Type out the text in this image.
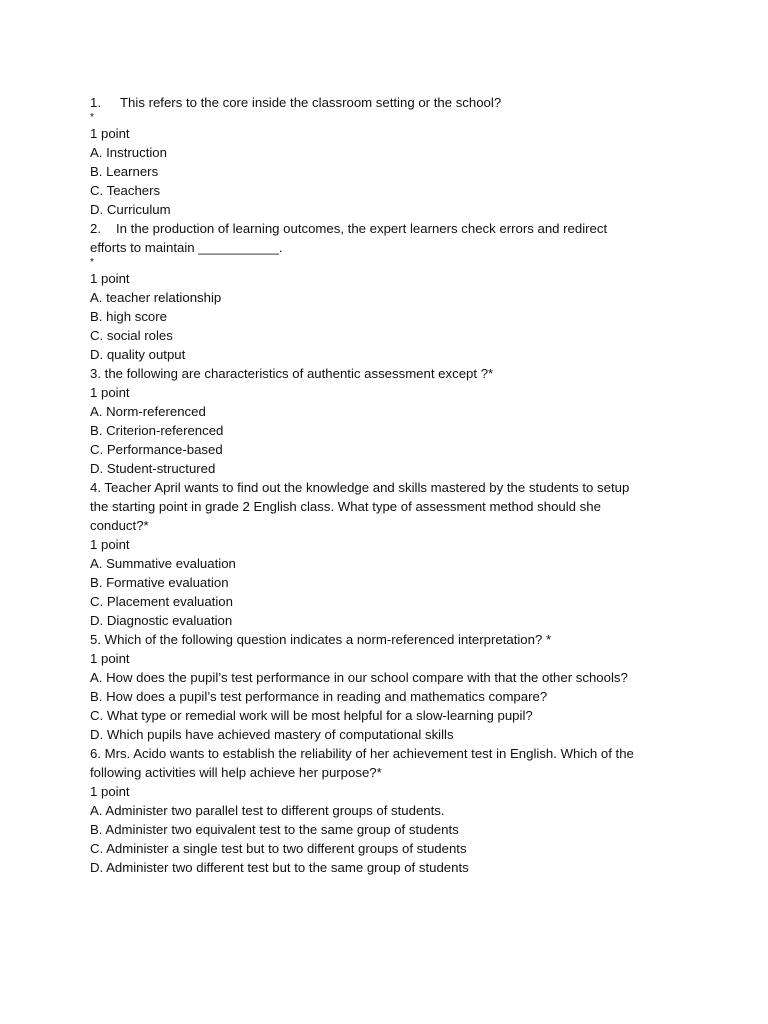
1. This refers to the core inside the classroom setting or the school?
*
1 point
A. Instruction
B. Learners
C. Teachers
D. Curriculum
2. In the production of learning outcomes, the expert learners check errors and redirect
efforts to maintain ___________.
*
1 point
A. teacher relationship
B. high score
C. social roles
D. quality output
3. the following are characteristics of authentic assessment except ?*
1 point
A. Norm-referenced
B. Criterion-referenced
C. Performance-based
D. Student-structured
4. Teacher April wants to find out the knowledge and skills mastered by the students to setup
the starting point in grade 2 English class. What type of assessment method should she
conduct?*
1 point
A. Summative evaluation
B. Formative evaluation
C. Placement evaluation
D. Diagnostic evaluation
5. Which of the following question indicates a norm-referenced interpretation? *
1 point
A. How does the pupil’s test performance in our school compare with that the other schools?
B. How does a pupil’s test performance in reading and mathematics compare?
C. What type or remedial work will be most helpful for a slow-learning pupil?
D. Which pupils have achieved mastery of computational skills
6. Mrs. Acido wants to establish the reliability of her achievement test in English. Which of the
following activities will help achieve her purpose?*
1 point
A. Administer two parallel test to different groups of students.
B. Administer two equivalent test to the same group of students
C. Administer a single test but to two different groups of students
D. Administer two different test but to the same group of students
